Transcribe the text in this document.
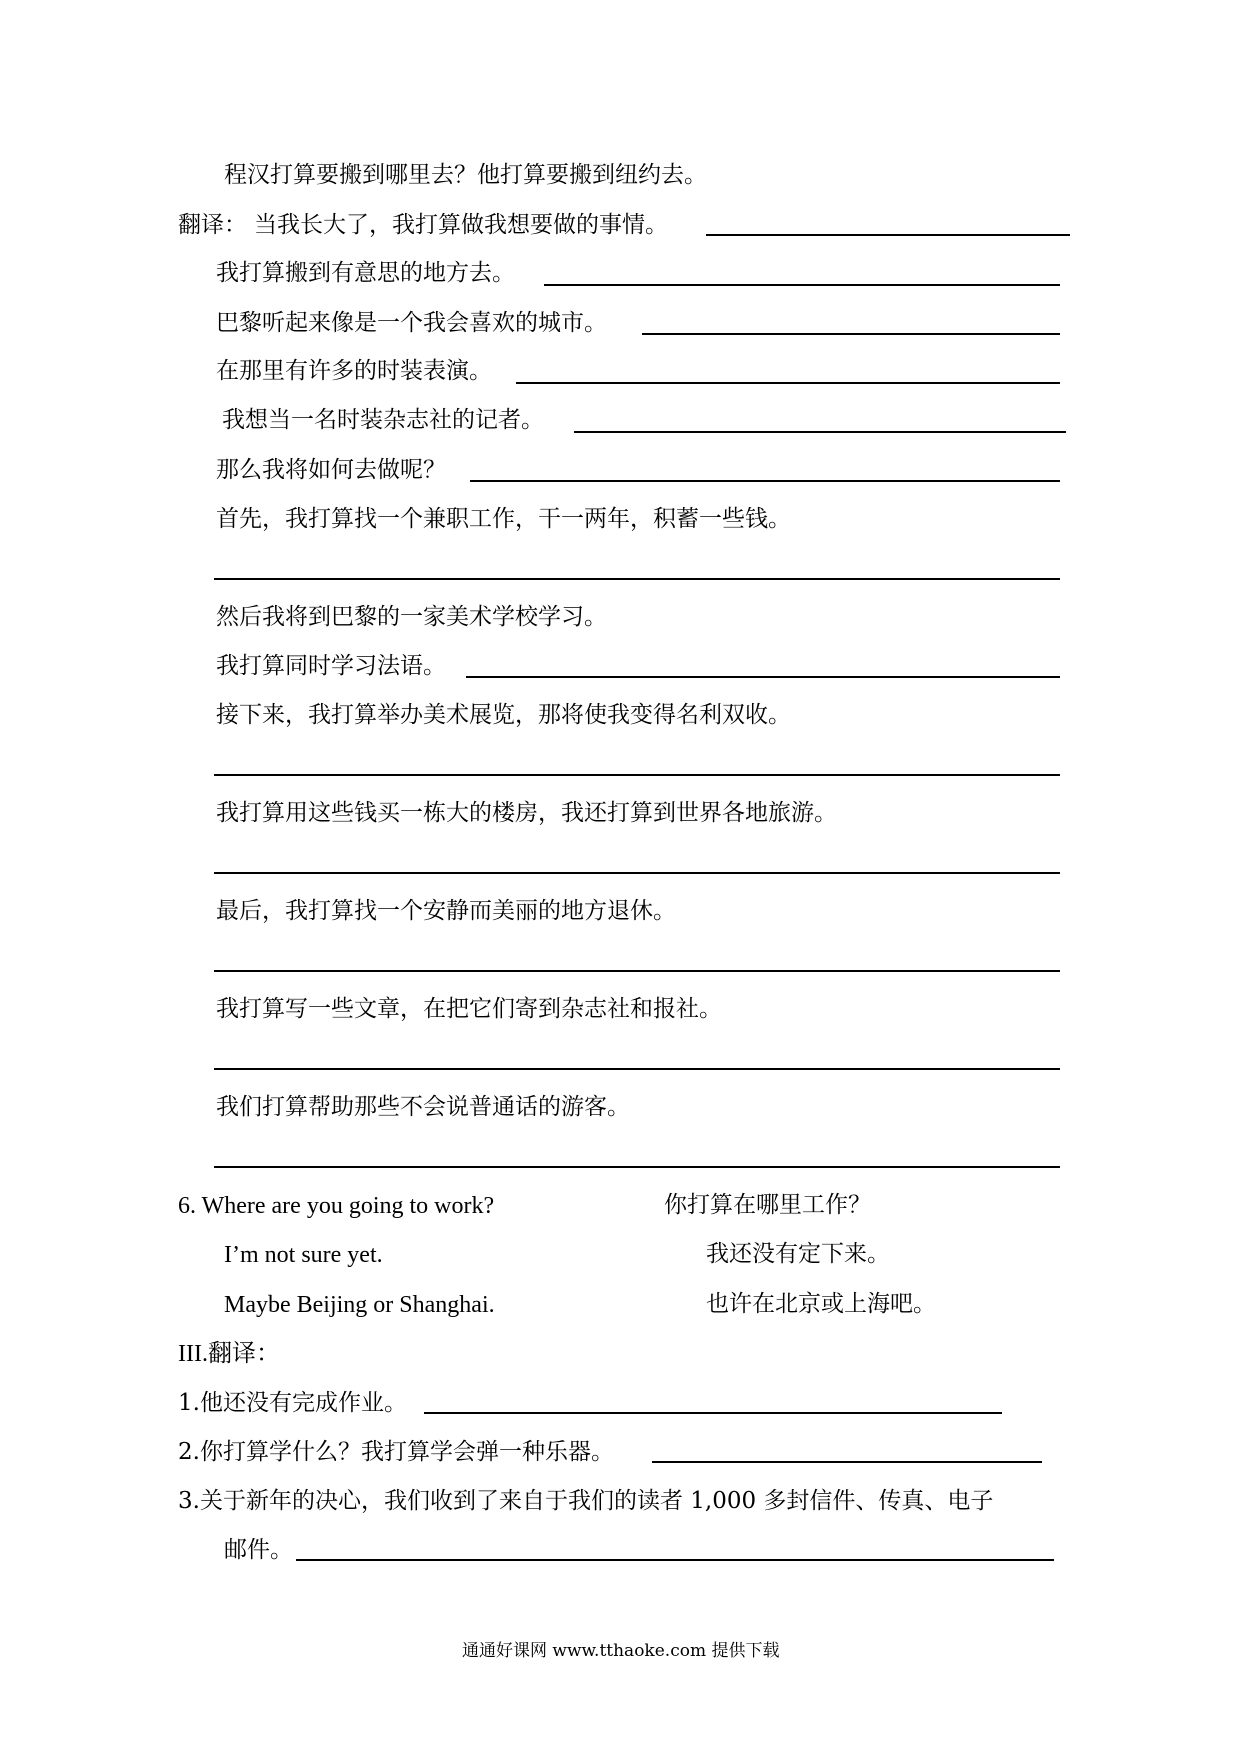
程汉打算要搬到哪里去？他打算要搬到纽约去。
翻译： 当我长大了，我打算做我想要做的事情。
我打算搬到有意思的地方去。
巴黎听起来像是一个我会喜欢的城市。
在那里有许多的时装表演。
我想当一名时装杂志社的记者。
那么我将如何去做呢？
首先，我打算找一个兼职工作，干一两年，积蓄一些钱。
然后我将到巴黎的一家美术学校学习。
我打算同时学习法语。
接下来，我打算举办美术展览，那将使我变得名利双收。
我打算用这些钱买一栋大的楼房，我还打算到世界各地旅游。
最后，我打算找一个安静而美丽的地方退休。
我打算写一些文章，在把它们寄到杂志社和报社。
我们打算帮助那些不会说普通话的游客。
6. Where are you going to work?	你打算在哪里工作？
I’m not sure yet.	我还没有定下来。
Maybe Beijing or Shanghai.	也许在北京或上海吧。
III.翻译：
1.他还没有完成作业。
2.你打算学什么？我打算学会弹一种乐器。
3.关于新年的决心，我们收到了来自于我们的读者 1,000 多封信件、传真、电子
邮件。
通通好课网 www.tthaoke.com 提供下载
